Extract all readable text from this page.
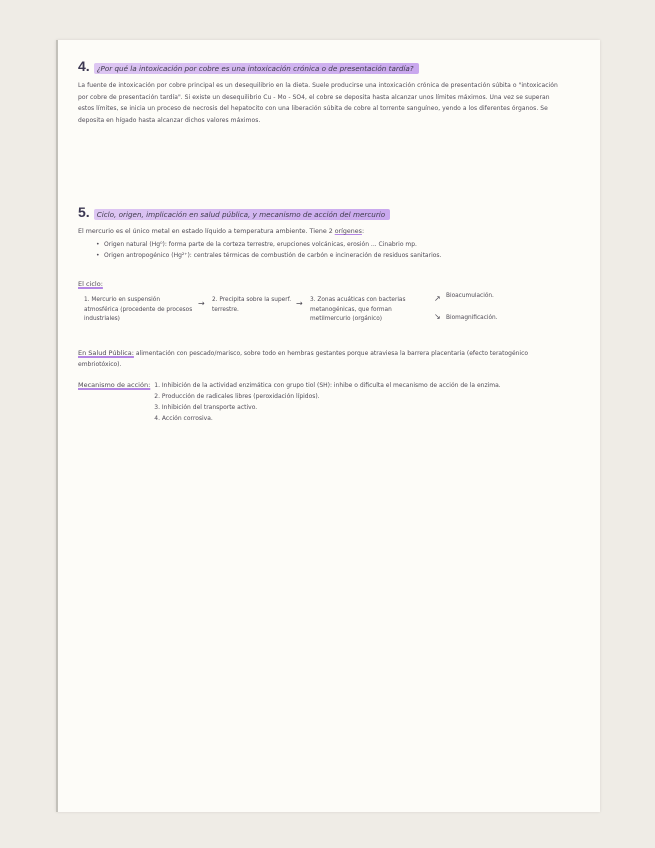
4. ¿Por qué la intoxicación por cobre es una intoxicación crónica o de presentación tardía?

La fuente de intoxicación por cobre principal es un desequilibrio en la dieta. Suele producirse una intoxicación crónica de presentación súbita o "intoxicación por cobre de presentación tardía". Si existe un desequilibrio Cu - Mo - SO4, el cobre se deposita hasta alcanzar unos límites máximos. Una vez se superan estos límites, se inicia un proceso de necrosis del hepatocito con una liberación súbita de cobre al torrente sanguíneo, yendo a los diferentes órganos. Se deposita en hígado hasta alcanzar dichos valores máximos.

5. Ciclo, origen, implicación en salud pública, y mecanismo de acción del mercurio
El mercurio es el único metal en estado líquido a temperatura ambiente. Tiene 2 orígenes:
• Origen natural (Hg⁰): forma parte de la corteza terrestre, erupciones volcánicas, erosión ... Cinabrio mp.
• Origen antropogénico (Hg²⁺): centrales térmicas de combustión de carbón e incineración de residuos sanitarios.
El ciclo:
1. Mercurio en suspensión atmosférica (procedente de procesos industriales)
→ 2. Precipita sobre la superf. terrestre.
→ 3. Zonas acuáticas con bacterias metanogénicas, que forman metilmercurio (orgánico)
↗
↘
Bioacumulación.
Biomagnificación.
En Salud Pública: alimentación con pescado/marisco, sobre todo en hembras gestantes porque atraviesa la barrera placentaria (efecto teratogénico embriotóxico).
Mecanismo de acción: 1. Inhibición de la actividad enzimática con grupo tiol (SH): inhibe o dificulta el mecanismo de acción de la enzima.
2. Producción de radicales libres (peroxidación lípidos).
3. Inhibición del transporte activo.
4. Acción corrosiva.
